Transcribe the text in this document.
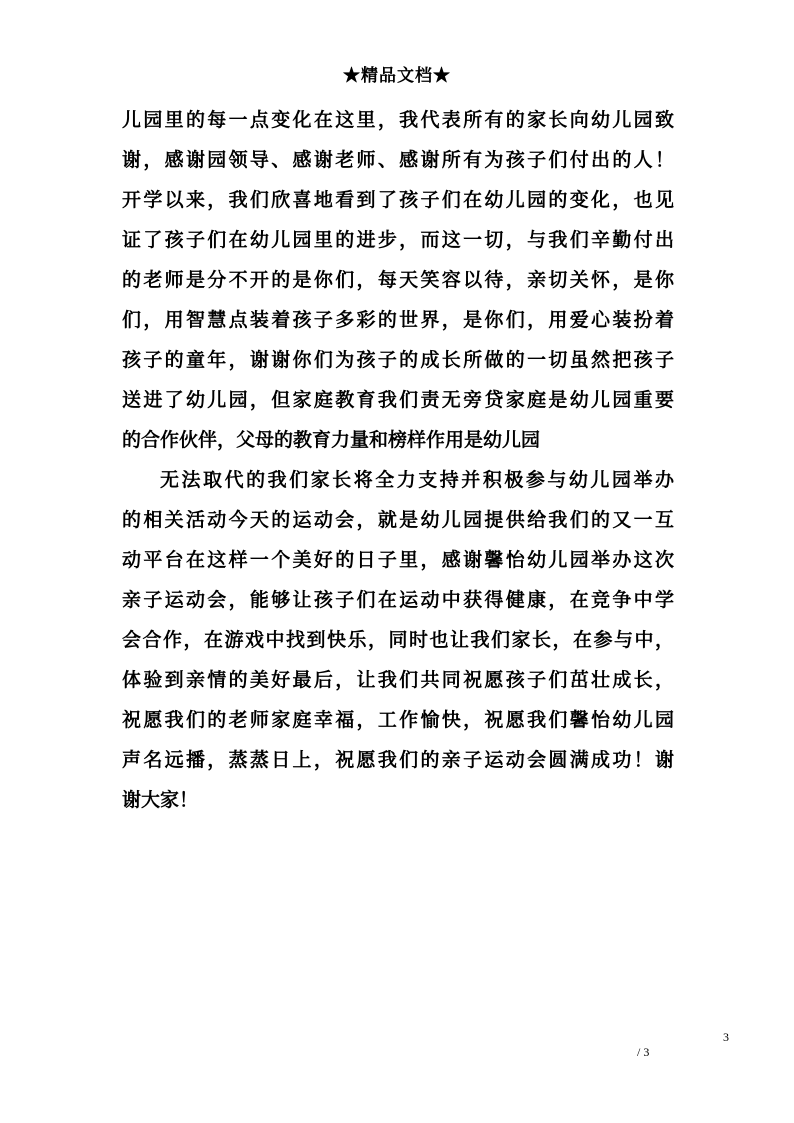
★精品文档★
儿园里的每一点变化在这里，我代表所有的家长向幼儿园致
谢，感谢园领导、感谢老师、感谢所有为孩子们付出的人！
开学以来，我们欣喜地看到了孩子们在幼儿园的变化，也见
证了孩子们在幼儿园里的进步，而这一切，与我们辛勤付出
的老师是分不开的是你们，每天笑容以待，亲切关怀，是你
们，用智慧点装着孩子多彩的世界，是你们，用爱心装扮着
孩子的童年，谢谢你们为孩子的成长所做的一切虽然把孩子
送进了幼儿园，但家庭教育我们责无旁贷家庭是幼儿园重要
的合作伙伴，父母的教育力量和榜样作用是幼儿园
无法取代的我们家长将全力支持并积极参与幼儿园举办
的相关活动今天的运动会，就是幼儿园提供给我们的又一互
动平台在这样一个美好的日子里，感谢馨怡幼儿园举办这次
亲子运动会，能够让孩子们在运动中获得健康，在竞争中学
会合作，在游戏中找到快乐，同时也让我们家长，在参与中，
体验到亲情的美好最后，让我们共同祝愿孩子们茁壮成长，
祝愿我们的老师家庭幸福，工作愉快，祝愿我们馨怡幼儿园
声名远播，蒸蒸日上，祝愿我们的亲子运动会圆满成功！谢
谢大家！
3
/ 3
